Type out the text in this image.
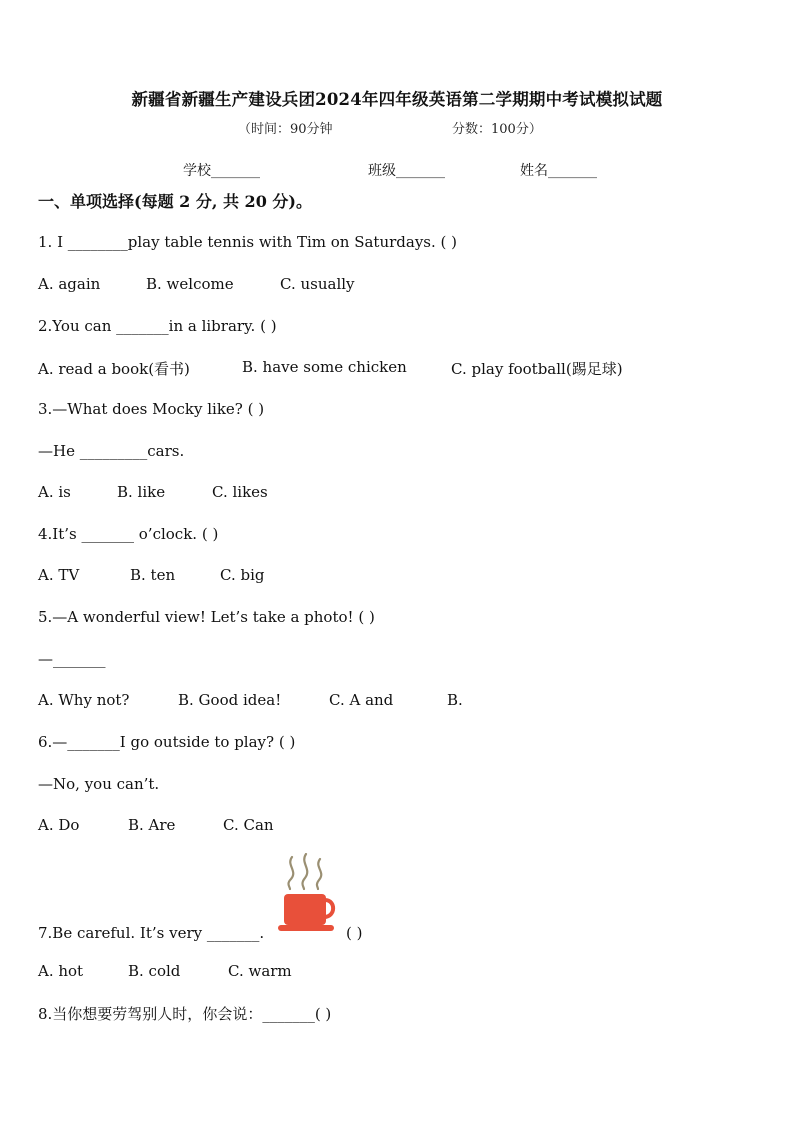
新疆省新疆生产建设兵团2024年四年级英语第二学期期中考试模拟试题
（时间：90分钟	分数：100分）
学校_______	班级_______	姓名_______
一、单项选择(每题 2 分, 共 20 分)。
1. I ________play table tennis with Tim on Saturdays. ( )
A. again	B. welcome	C. usually
2.You can _______in a library. ( )
A. read a book(看书)	B. have some chicken	C. play football(踢足球)
3.—What does Mocky like? ( )
—He _________cars.
A. is	B. like	C. likes
4.It’s _______ o’clock. ( )
A. TV	B. ten	C. big
5.—A wonderful view! Let’s take a photo! ( )
—_______
A. Why not?	B. Good idea!	C. A and	B.
6.—_______I go outside to play? ( )
—No, you can’t.
A. Do	B. Are	C. Can
7.Be careful. It’s very _______.	( )
A. hot	B. cold	C. warm
8.当你想要劳驾别人时，你会说：_______( )
